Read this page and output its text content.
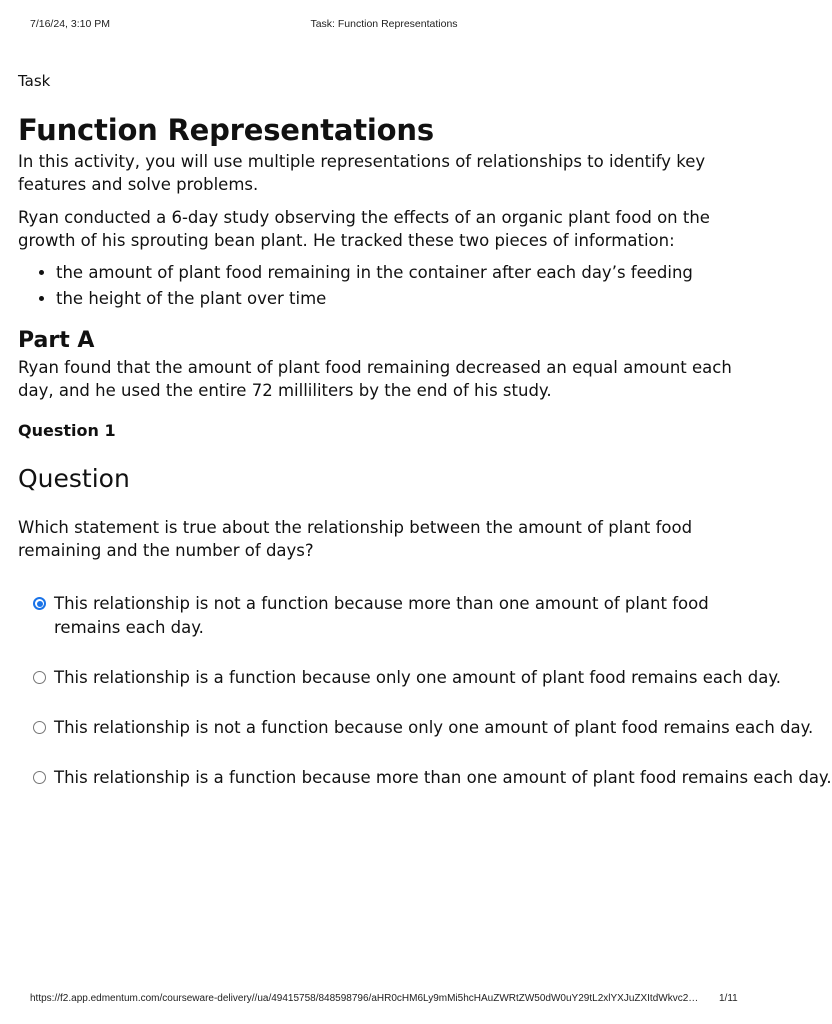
7/16/24, 3:10 PM	Task: Function Representations
Task
Function Representations

In this activity, you will use multiple representations of relationships to identify key features and solve problems.

Ryan conducted a 6-day study observing the effects of an organic plant food on the growth of his sprouting bean plant. He tracked these two pieces of information:

• the amount of plant food remaining in the container after each day’s feeding
• the height of the plant over time
Part A

Ryan found that the amount of plant food remaining decreased an equal amount each day, and he used the entire 72 milliliters by the end of his study.

Question 1
Question

Which statement is true about the relationship between the amount of plant food remaining and the number of days?

This relationship is not a function because more than one amount of plant food remains each day.
This relationship is a function because only one amount of plant food remains each day.
This relationship is not a function because only one amount of plant food remains each day.
This relationship is a function because more than one amount of plant food remains each day.
https://f2.app.edmentum.com/courseware-delivery//ua/49415758/848598796/aHR0cHM6Ly9mMi5hcHAuZWRtZW50dW0uY29tL2xlYXJuZXItdWkvc2… 1/11
